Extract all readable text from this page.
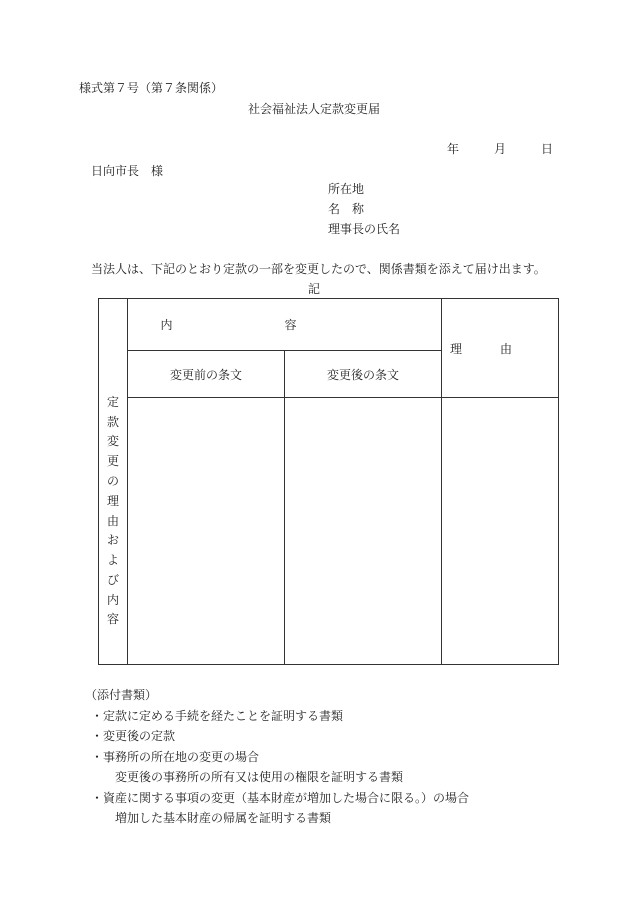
様式第７号（第７条関係）
社会福祉法人定款変更届
年	月	日
日向市長　様
所在地
名　称
理事長の氏名
当法人は、下記のとおり定款の一部を変更したので、関係書類を添えて届け出ます。
記
定款変更の理由および内容	内容		理由
	変更前の条文	変更後の条文	

（添付書類）
・定款に定める手続を経たことを証明する書類
・変更後の定款
・事務所の所在地の変更の場合
変更後の事務所の所有又は使用の権限を証明する書類
・資産に関する事項の変更（基本財産が増加した場合に限る。）の場合
増加した基本財産の帰属を証明する書類
